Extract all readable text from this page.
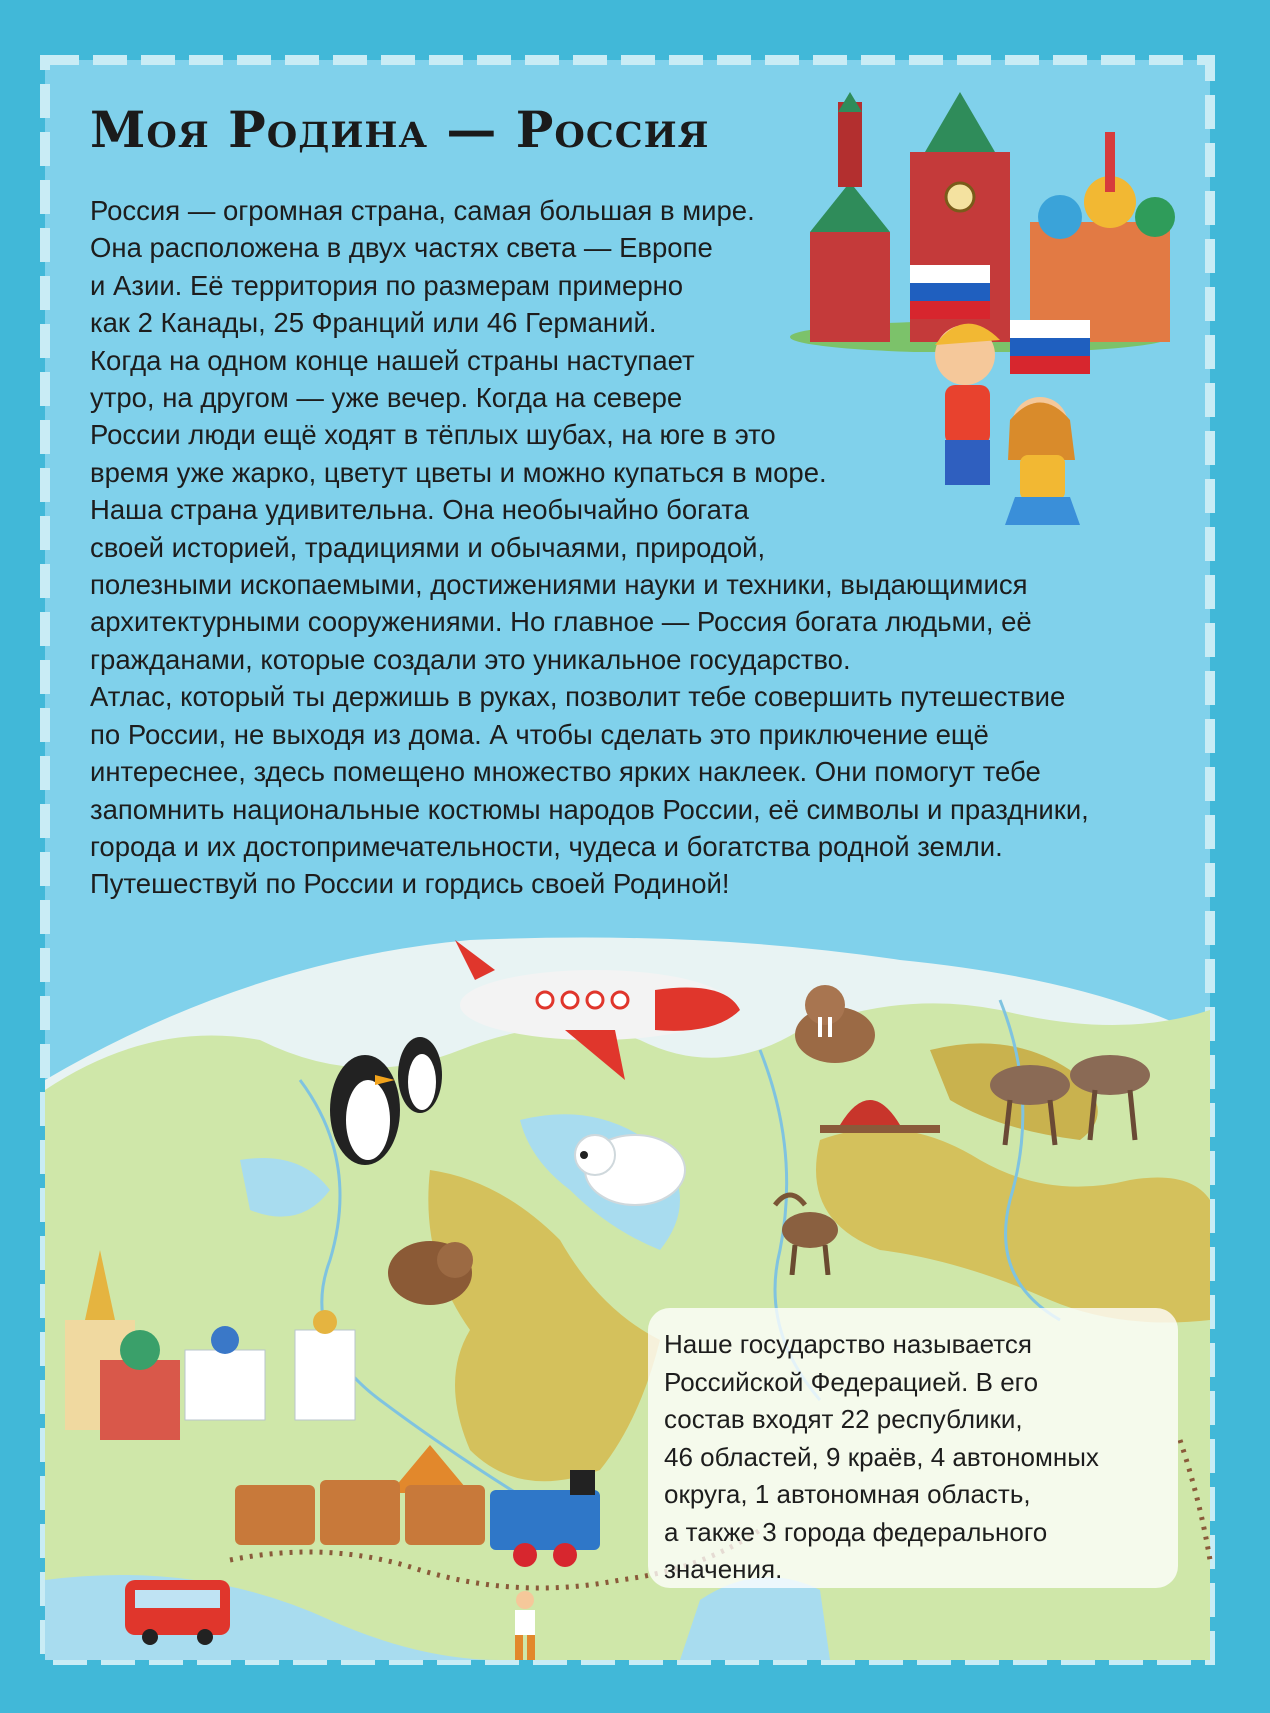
Моя Родина — Россия
Россия — огромная страна, самая большая в мире.
Она расположена в двух частях света — Европе
и Азии. Её территория по размерам примерно
как 2 Канады, 25 Франций или 46 Германий.
Когда на одном конце нашей страны наступает
утро, на другом — уже вечер. Когда на севере
России люди ещё ходят в тёплых шубах, на юге в это
время уже жарко, цветут цветы и можно купаться в море.
Наша страна удивительна. Она необычайно богата
своей историей, традициями и обычаями, природой,
полезными ископаемыми, достижениями науки и техники, выдающимися
архитектурными сооружениями. Но главное — Россия богата людьми, её
гражданами, которые создали это уникальное государство.
Атлас, который ты держишь в руках, позволит тебе совершить путешествие
по России, не выходя из дома. А чтобы сделать это приключение ещё
интереснее, здесь помещено множество ярких наклеек. Они помогут тебе
запомнить национальные костюмы народов России, её символы и праздники,
города и их достопримечательности, чудеса и богатства родной земли.
Путешествуй по России и гордись своей Родиной!
Наше государство называется
Российской Федерацией. В его
состав входят 22 республики,
46 областей, 9 краёв, 4 автономных
округа, 1 автономная область,
а также 3 города федерального
значения.
